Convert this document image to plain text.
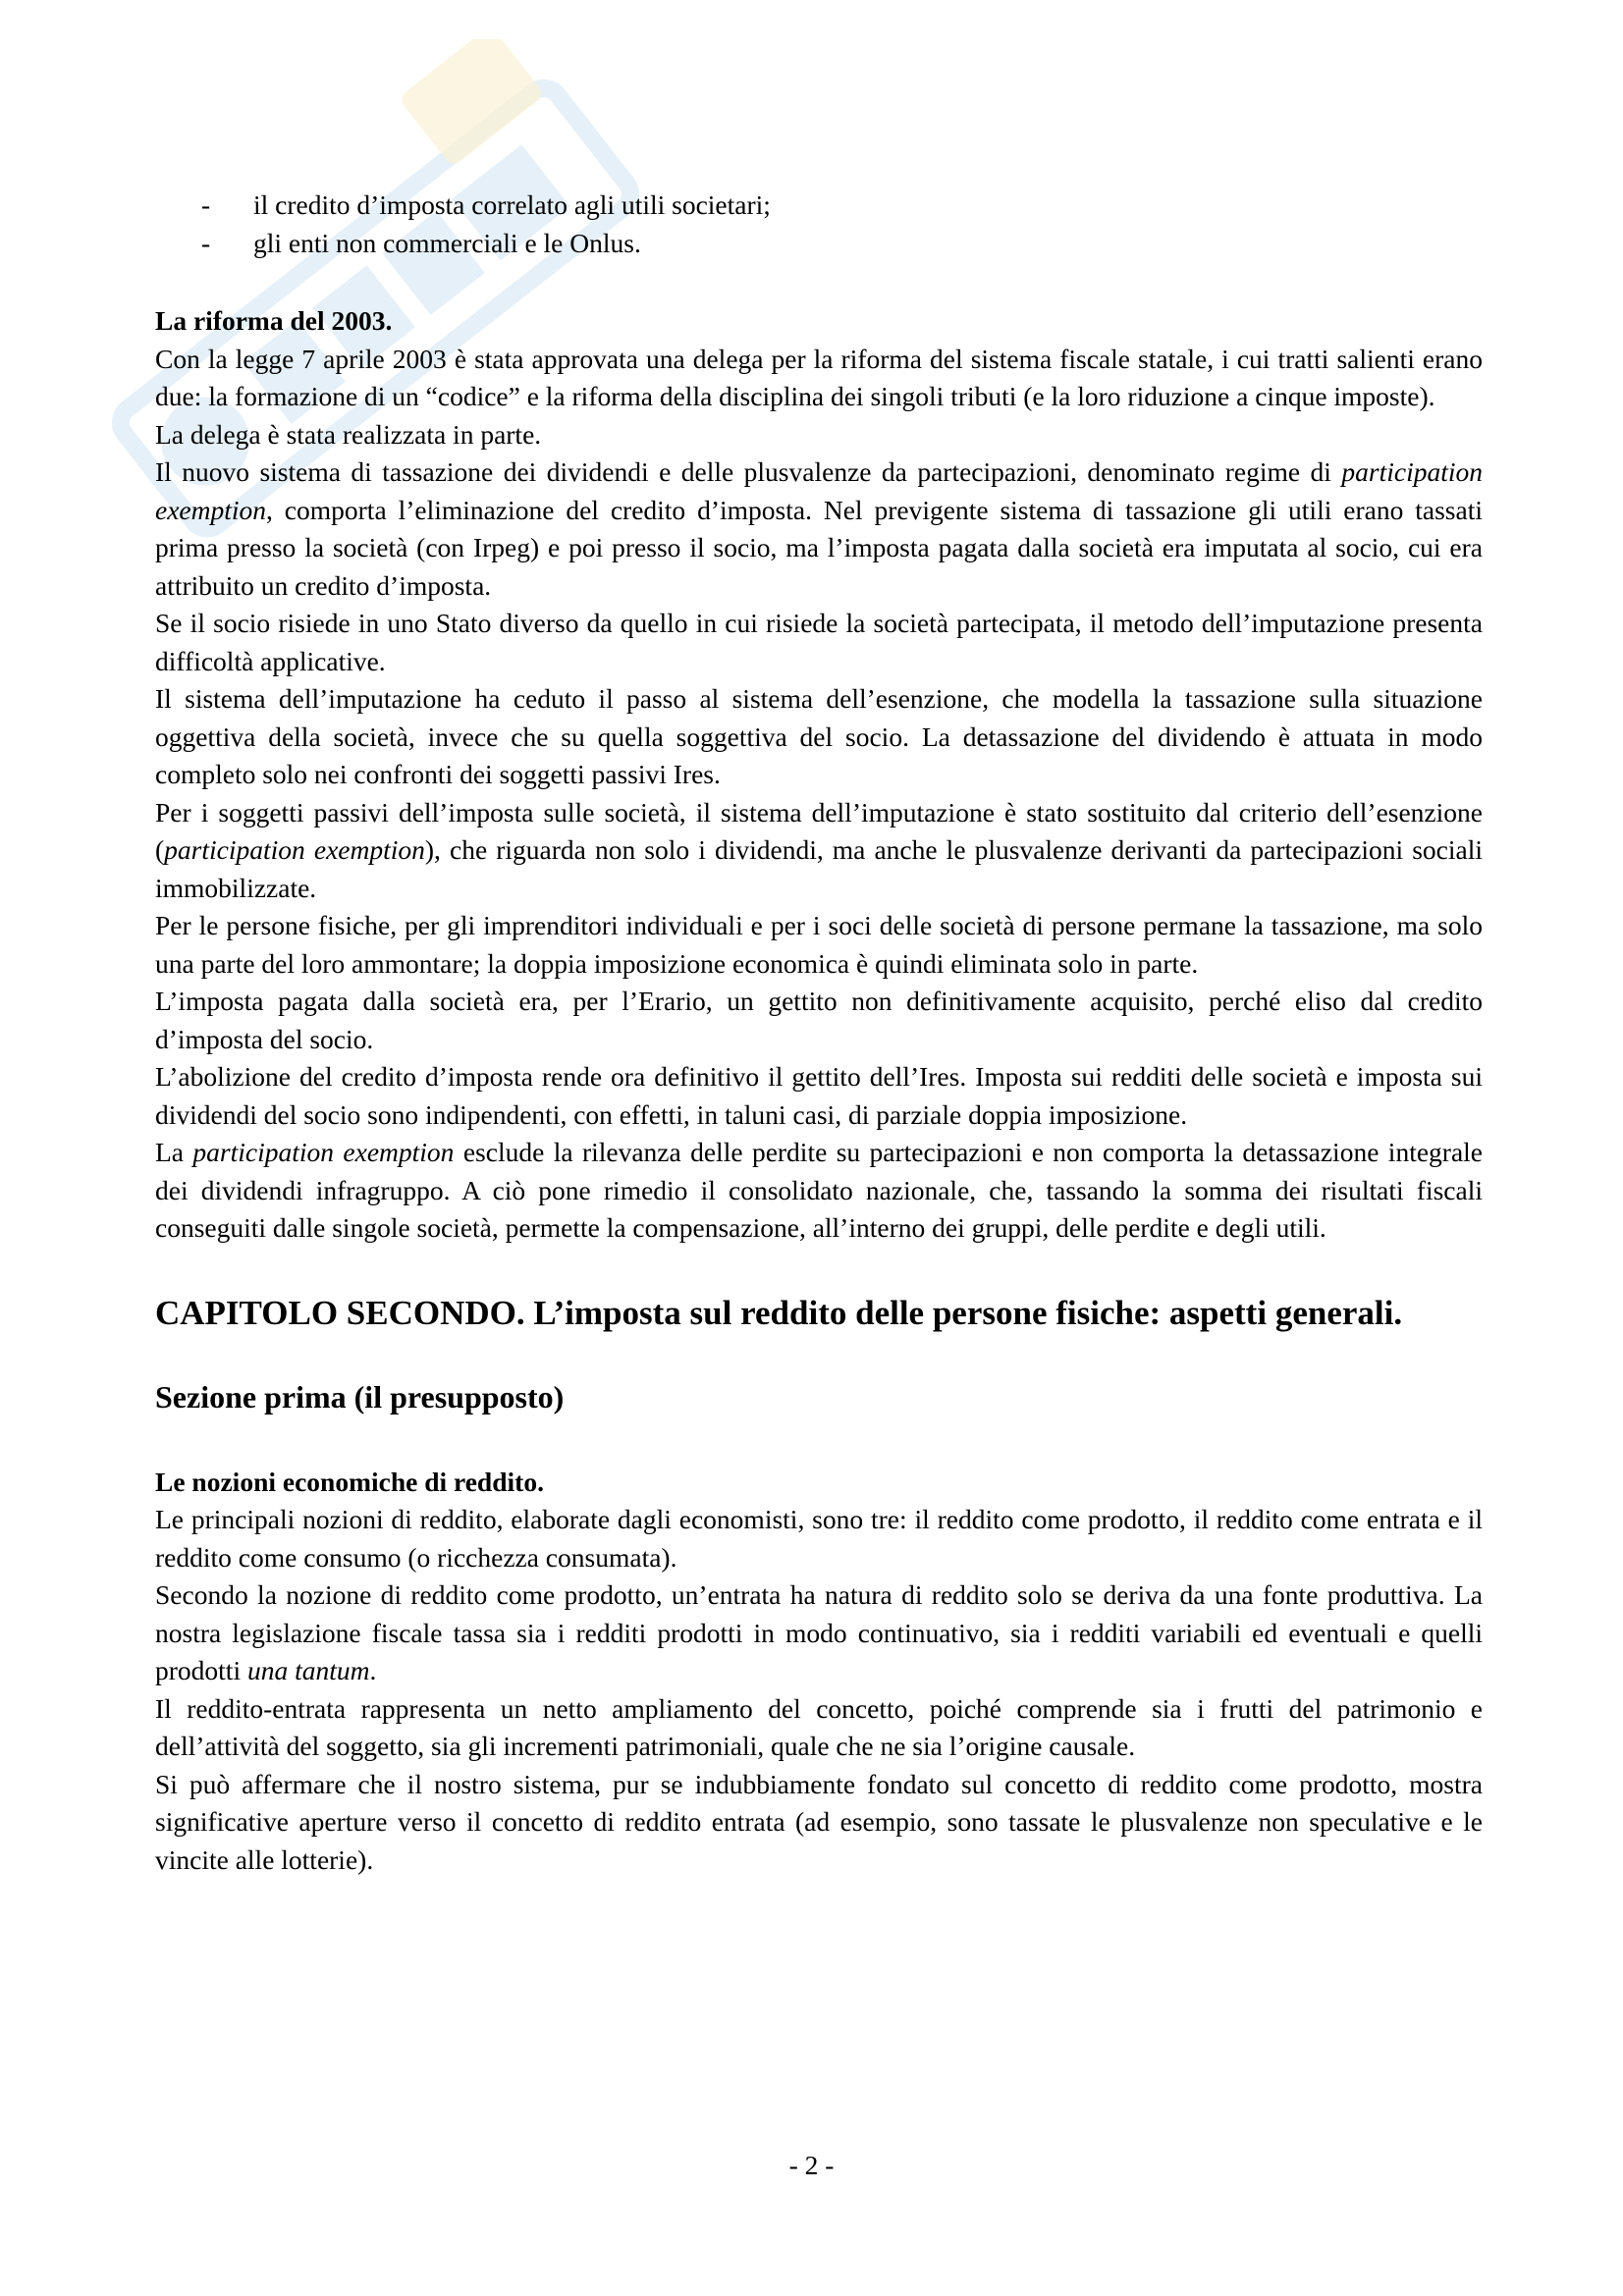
- il credito d’imposta correlato agli utili societari;
- gli enti non commerciali e le Onlus.
La riforma del 2003.

Con la legge 7 aprile 2003 è stata approvata una delega per la riforma del sistema fiscale statale, i cui tratti salienti erano due: la formazione di un “codice” e la riforma della disciplina dei singoli tributi (e la loro riduzione a cinque imposte).

La delega è stata realizzata in parte.

Il nuovo sistema di tassazione dei dividendi e delle plusvalenze da partecipazioni, denominato regime di participation exemption, comporta l’eliminazione del credito d’imposta. Nel previgente sistema di tassazione gli utili erano tassati prima presso la società (con Irpeg) e poi presso il socio, ma l’imposta pagata dalla società era imputata al socio, cui era attribuito un credito d’imposta.

Se il socio risiede in uno Stato diverso da quello in cui risiede la società partecipata, il metodo dell’imputazione presenta difficoltà applicative.

Il sistema dell’imputazione ha ceduto il passo al sistema dell’esenzione, che modella la tassazione sulla situazione oggettiva della società, invece che su quella soggettiva del socio. La detassazione del dividendo è attuata in modo completo solo nei confronti dei soggetti passivi Ires.

Per i soggetti passivi dell’imposta sulle società, il sistema dell’imputazione è stato sostituito dal criterio dell’esenzione (participation exemption), che riguarda non solo i dividendi, ma anche le plusvalenze derivanti da partecipazioni sociali immobilizzate.

Per le persone fisiche, per gli imprenditori individuali e per i soci delle società di persone permane la tassazione, ma solo una parte del loro ammontare; la doppia imposizione economica è quindi eliminata solo in parte.

L’imposta pagata dalla società era, per l’Erario, un gettito non definitivamente acquisito, perché eliso dal credito d’imposta del socio.

L’abolizione del credito d’imposta rende ora definitivo il gettito dell’Ires. Imposta sui redditi delle società e imposta sui dividendi del socio sono indipendenti, con effetti, in taluni casi, di parziale doppia imposizione.

La participation exemption esclude la rilevanza delle perdite su partecipazioni e non comporta la detassazione integrale dei dividendi infragruppo. A ciò pone rimedio il consolidato nazionale, che, tassando la somma dei risultati fiscali conseguiti dalle singole società, permette la compensazione, all’interno dei gruppi, delle perdite e degli utili.

CAPITOLO SECONDO. L’imposta sul reddito delle persone fisiche: aspetti generali.
Sezione prima (il presupposto)
Le nozioni economiche di reddito.

Le principali nozioni di reddito, elaborate dagli economisti, sono tre: il reddito come prodotto, il reddito come entrata e il reddito come consumo (o ricchezza consumata).

Secondo la nozione di reddito come prodotto, un’entrata ha natura di reddito solo se deriva da una fonte produttiva. La nostra legislazione fiscale tassa sia i redditi prodotti in modo continuativo, sia i redditi variabili ed eventuali e quelli prodotti una tantum.

Il reddito-entrata rappresenta un netto ampliamento del concetto, poiché comprende sia i frutti del patrimonio e dell’attività del soggetto, sia gli incrementi patrimoniali, quale che ne sia l’origine causale.

Si può affermare che il nostro sistema, pur se indubbiamente fondato sul concetto di reddito come prodotto, mostra significative aperture verso il concetto di reddito entrata (ad esempio, sono tassate le plusvalenze non speculative e le vincite alle lotterie).

- 2 -
